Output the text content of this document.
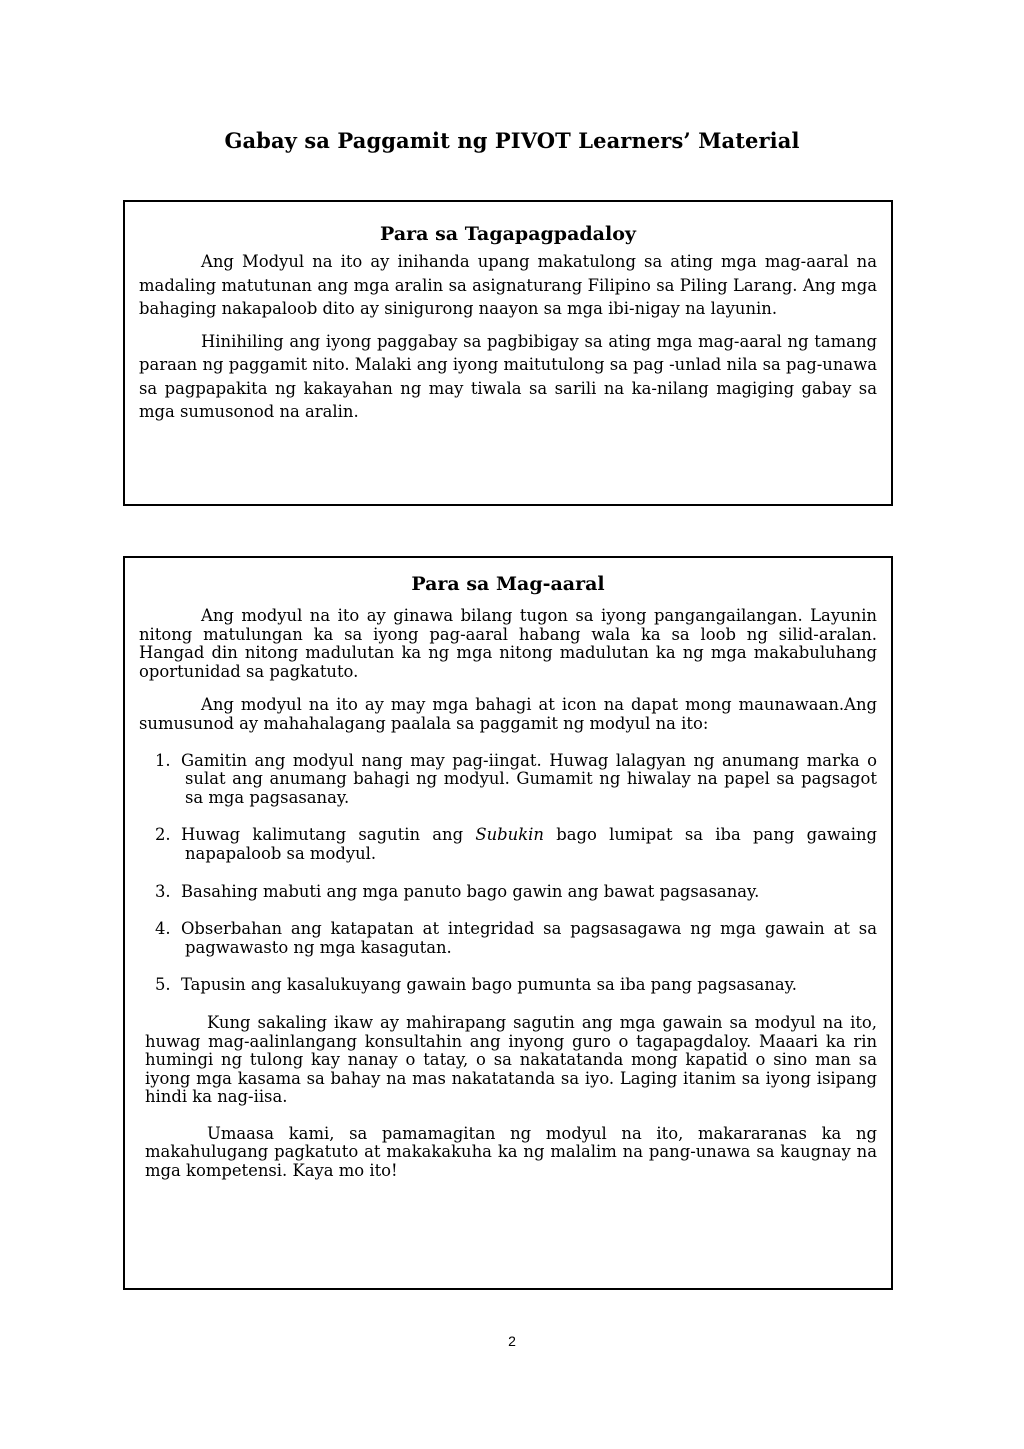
Gabay sa Paggamit ng PIVOT Learners’ Material
Para sa Tagapagpadaloy

Ang Modyul na ito ay inihanda upang makatulong sa ating mga mag-aaral na madaling matutunan ang mga aralin sa asignaturang Filipino sa Piling Larang. Ang mga bahaging nakapaloob dito ay sinigurong naayon sa mga ibi-nigay na layunin.

Hinihiling ang iyong paggabay sa pagbibigay sa ating mga mag-aaral ng tamang paraan ng paggamit nito. Malaki ang iyong maitutulong sa pag -unlad nila sa pag-unawa sa pagpapakita ng kakayahan ng may tiwala sa sarili na ka-nilang magiging gabay sa mga sumusonod na aralin.

Para sa Mag-aaral

Ang modyul na ito ay ginawa bilang tugon sa iyong pangangailangan. Layunin nitong matulungan ka sa iyong pag-aaral habang wala ka sa loob ng silid-aralan. Hangad din nitong madulutan ka ng mga nitong madulutan ka ng mga makabuluhang oportunidad sa pagkatuto.

Ang modyul na ito ay may mga bahagi at icon na dapat mong maunawaan.Ang sumusunod ay mahahalagang paalala sa paggamit ng modyul na ito:

1. Gamitin ang modyul nang may pag-iingat. Huwag lalagyan ng anumang marka o sulat ang anumang bahagi ng modyul. Gumamit ng hiwalay na papel sa pagsagot sa mga pagsasanay.
2. Huwag kalimutang sagutin ang Subukin bago lumipat sa iba pang gawaing napapaloob sa modyul.
3. Basahing mabuti ang mga panuto bago gawin ang bawat pagsasanay.
4. Obserbahan ang katapatan at integridad sa pagsasagawa ng mga gawain at sa pagwawasto ng mga kasagutan.
5. Tapusin ang kasalukuyang gawain bago pumunta sa iba pang pagsasanay.

Kung sakaling ikaw ay mahirapang sagutin ang mga gawain sa modyul na ito, huwag mag-aalinlangang konsultahin ang inyong guro o tagapagdaloy. Maaari ka rin humingi ng tulong kay nanay o tatay, o sa nakatatanda mong kapatid o sino man sa iyong mga kasama sa bahay na mas nakatatanda sa iyo. Laging itanim sa iyong isipang hindi ka nag-iisa.

Umaasa kami, sa pamamagitan ng modyul na ito, makararanas ka ng makahulugang pagkatuto at makakakuha ka ng malalim na pang-unawa sa kaugnay na mga kompetensi. Kaya mo ito!

2
